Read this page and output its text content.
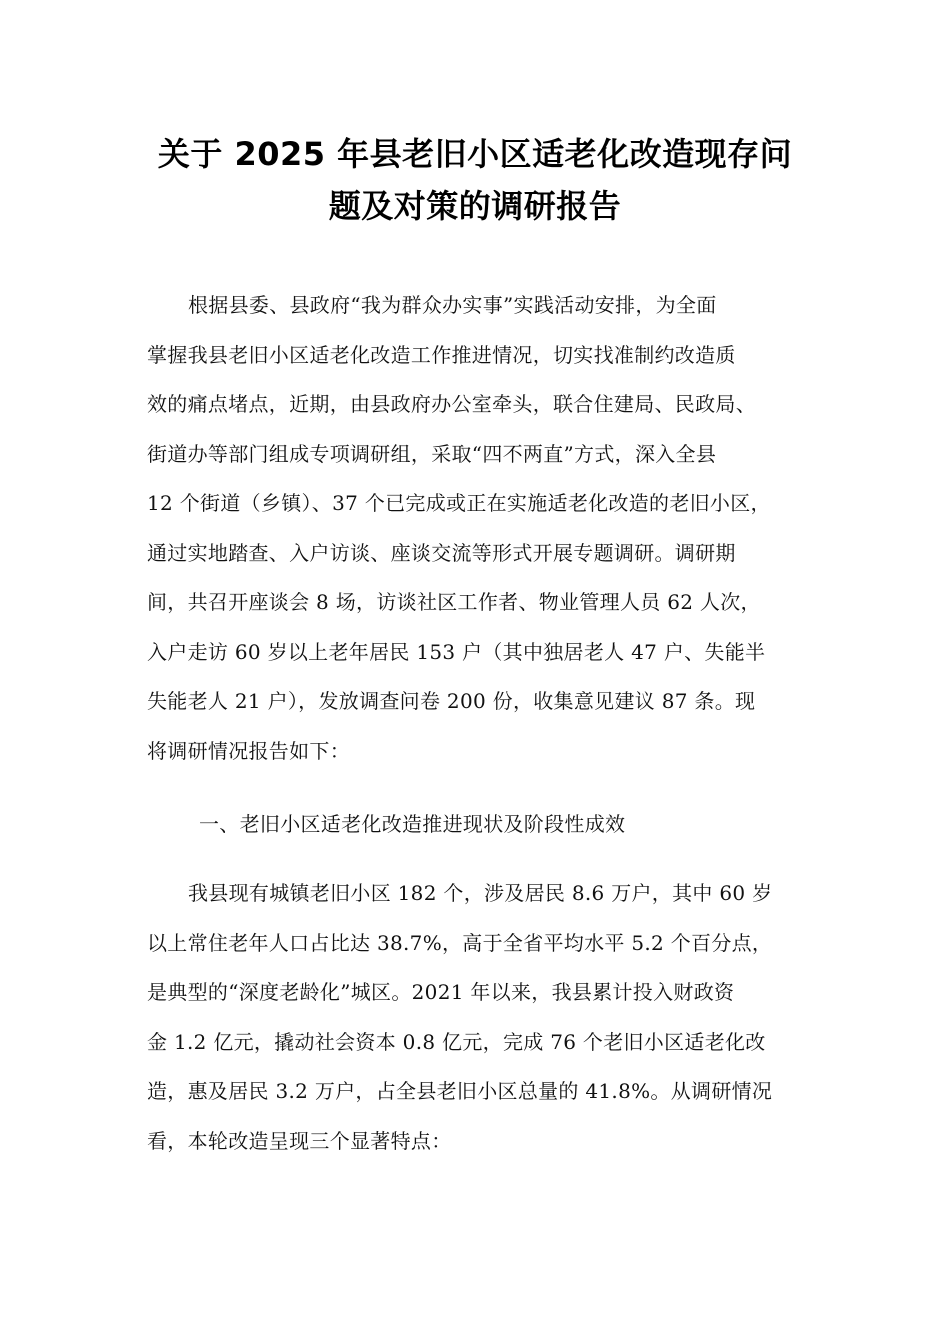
关于 2025 年县老旧小区适老化改造现存问
题及对策的调研报告

根据县委、县政府“我为群众办实事”实践活动安排，为全面
掌握我县老旧小区适老化改造工作推进情况，切实找准制约改造质
效的痛点堵点，近期，由县政府办公室牵头，联合住建局、民政局、
街道办等部门组成专项调研组，采取“四不两直”方式，深入全县
12 个街道（乡镇）、37 个已完成或正在实施适老化改造的老旧小区，
通过实地踏查、入户访谈、座谈交流等形式开展专题调研。调研期
间，共召开座谈会 8 场，访谈社区工作者、物业管理人员 62 人次，
入户走访 60 岁以上老年居民 153 户（其中独居老人 47 户、失能半
失能老人 21 户），发放调查问卷 200 份，收集意见建议 87 条。现
将调研情况报告如下：

一、老旧小区适老化改造推进现状及阶段性成效

我县现有城镇老旧小区 182 个，涉及居民 8.6 万户，其中 60 岁
以上常住老年人口占比达 38.7%，高于全省平均水平 5.2 个百分点，
是典型的“深度老龄化”城区。2021 年以来，我县累计投入财政资
金 1.2 亿元，撬动社会资本 0.8 亿元，完成 76 个老旧小区适老化改
造，惠及居民 3.2 万户，占全县老旧小区总量的 41.8%。从调研情况
看，本轮改造呈现三个显著特点：
